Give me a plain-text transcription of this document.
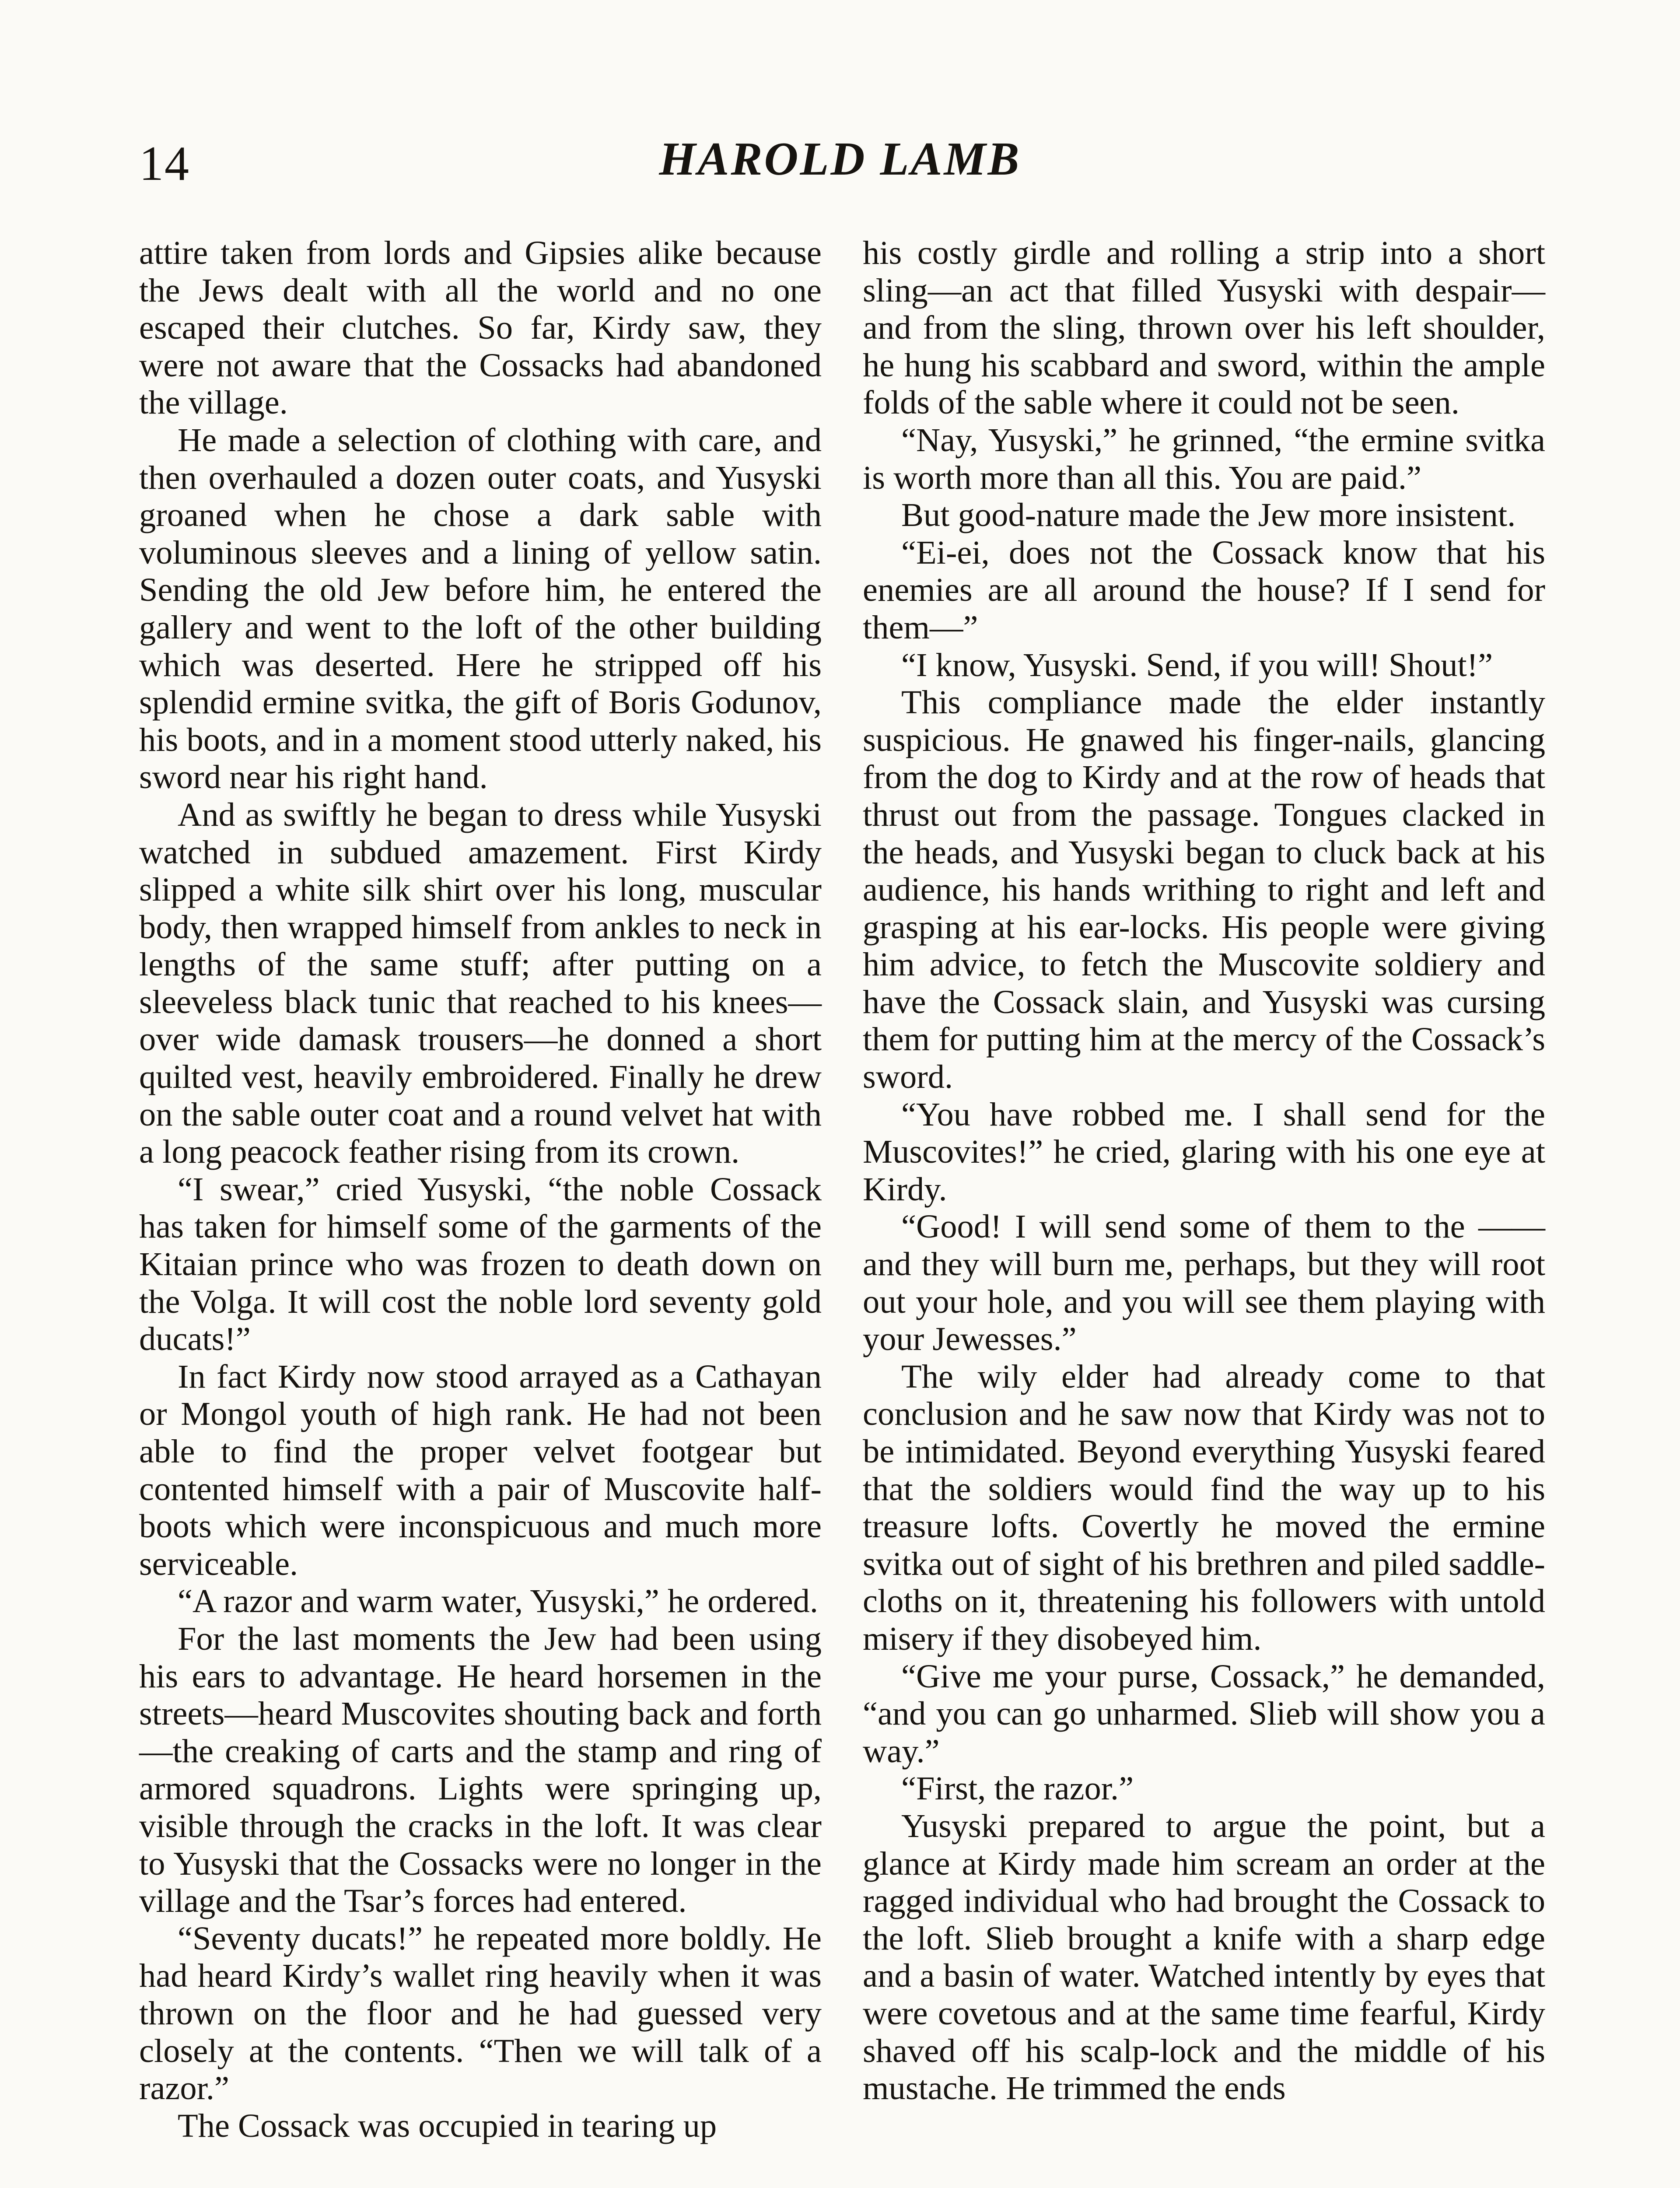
14	HAROLD LAMB

attire taken from lords and Gipsies alike because the Jews dealt with all the world and no one escaped their clutches. So far, Kirdy saw, they were not aware that the Cossacks had abandoned the village.

He made a selection of clothing with care, and then overhauled a dozen outer coats, and Yusyski groaned when he chose a dark sable with voluminous sleeves and a lining of yellow satin. Sending the old Jew before him, he entered the gallery and went to the loft of the other building which was deserted. Here he stripped off his splendid ermine svitka, the gift of Boris Godunov, his boots, and in a moment stood utterly naked, his sword near his right hand.

And as swiftly he began to dress while Yusyski watched in subdued amazement. First Kirdy slipped a white silk shirt over his long, muscular body, then wrapped himself from ankles to neck in lengths of the same stuff; after putting on a sleeveless black tunic that reached to his knees—over wide damask trousers—he donned a short quilted vest, heavily embroidered. Finally he drew on the sable outer coat and a round velvet hat with a long peacock feather rising from its crown.

“I swear,” cried Yusyski, “the noble Cossack has taken for himself some of the garments of the Kitaian prince who was frozen to death down on the Volga. It will cost the noble lord seventy gold ducats!”

In fact Kirdy now stood arrayed as a Cathayan or Mongol youth of high rank. He had not been able to find the proper velvet footgear but contented himself with a pair of Muscovite half-boots which were inconspicuous and much more serviceable.

“A razor and warm water, Yusyski,” he ordered.

For the last moments the Jew had been using his ears to advantage. He heard horsemen in the streets—heard Muscovites shouting back and forth—the creaking of carts and the stamp and ring of armored squadrons. Lights were springing up, visible through the cracks in the loft. It was clear to Yusyski that the Cossacks were no longer in the village and the Tsar’s forces had entered.

“Seventy ducats!” he repeated more boldly. He had heard Kirdy’s wallet ring heavily when it was thrown on the floor and he had guessed very closely at the contents. “Then we will talk of a razor.”

The Cossack was occupied in tearing up

his costly girdle and rolling a strip into a short sling—an act that filled Yusyski with despair—and from the sling, thrown over his left shoulder, he hung his scabbard and sword, within the ample folds of the sable where it could not be seen.

“Nay, Yusyski,” he grinned, “the ermine svitka is worth more than all this. You are paid.”

But good-nature made the Jew more insistent.

“Ei-ei, does not the Cossack know that his enemies are all around the house? If I send for them—”

“I know, Yusyski. Send, if you will! Shout!”

This compliance made the elder instantly suspicious. He gnawed his finger-nails, glancing from the dog to Kirdy and at the row of heads that thrust out from the passage. Tongues clacked in the heads, and Yusyski began to cluck back at his audience, his hands writhing to right and left and grasping at his ear-locks. His people were giving him advice, to fetch the Muscovite soldiery and have the Cossack slain, and Yusyski was cursing them for putting him at the mercy of the Cossack’s sword.

“You have robbed me. I shall send for the Muscovites!” he cried, glaring with his one eye at Kirdy.

“Good! I will send some of them to the —— and they will burn me, perhaps, but they will root out your hole, and you will see them playing with your Jewesses.”

The wily elder had already come to that conclusion and he saw now that Kirdy was not to be intimidated. Beyond everything Yusyski feared that the soldiers would find the way up to his treasure lofts. Covertly he moved the ermine svitka out of sight of his brethren and piled saddle-cloths on it, threatening his followers with untold misery if they disobeyed him.

“Give me your purse, Cossack,” he demanded, “and you can go unharmed. Slieb will show you a way.”

“First, the razor.”

Yusyski prepared to argue the point, but a glance at Kirdy made him scream an order at the ragged individual who had brought the Cossack to the loft. Slieb brought a knife with a sharp edge and a basin of water. Watched intently by eyes that were covetous and at the same time fearful, Kirdy shaved off his scalp-lock and the middle of his mustache. He trimmed the ends
